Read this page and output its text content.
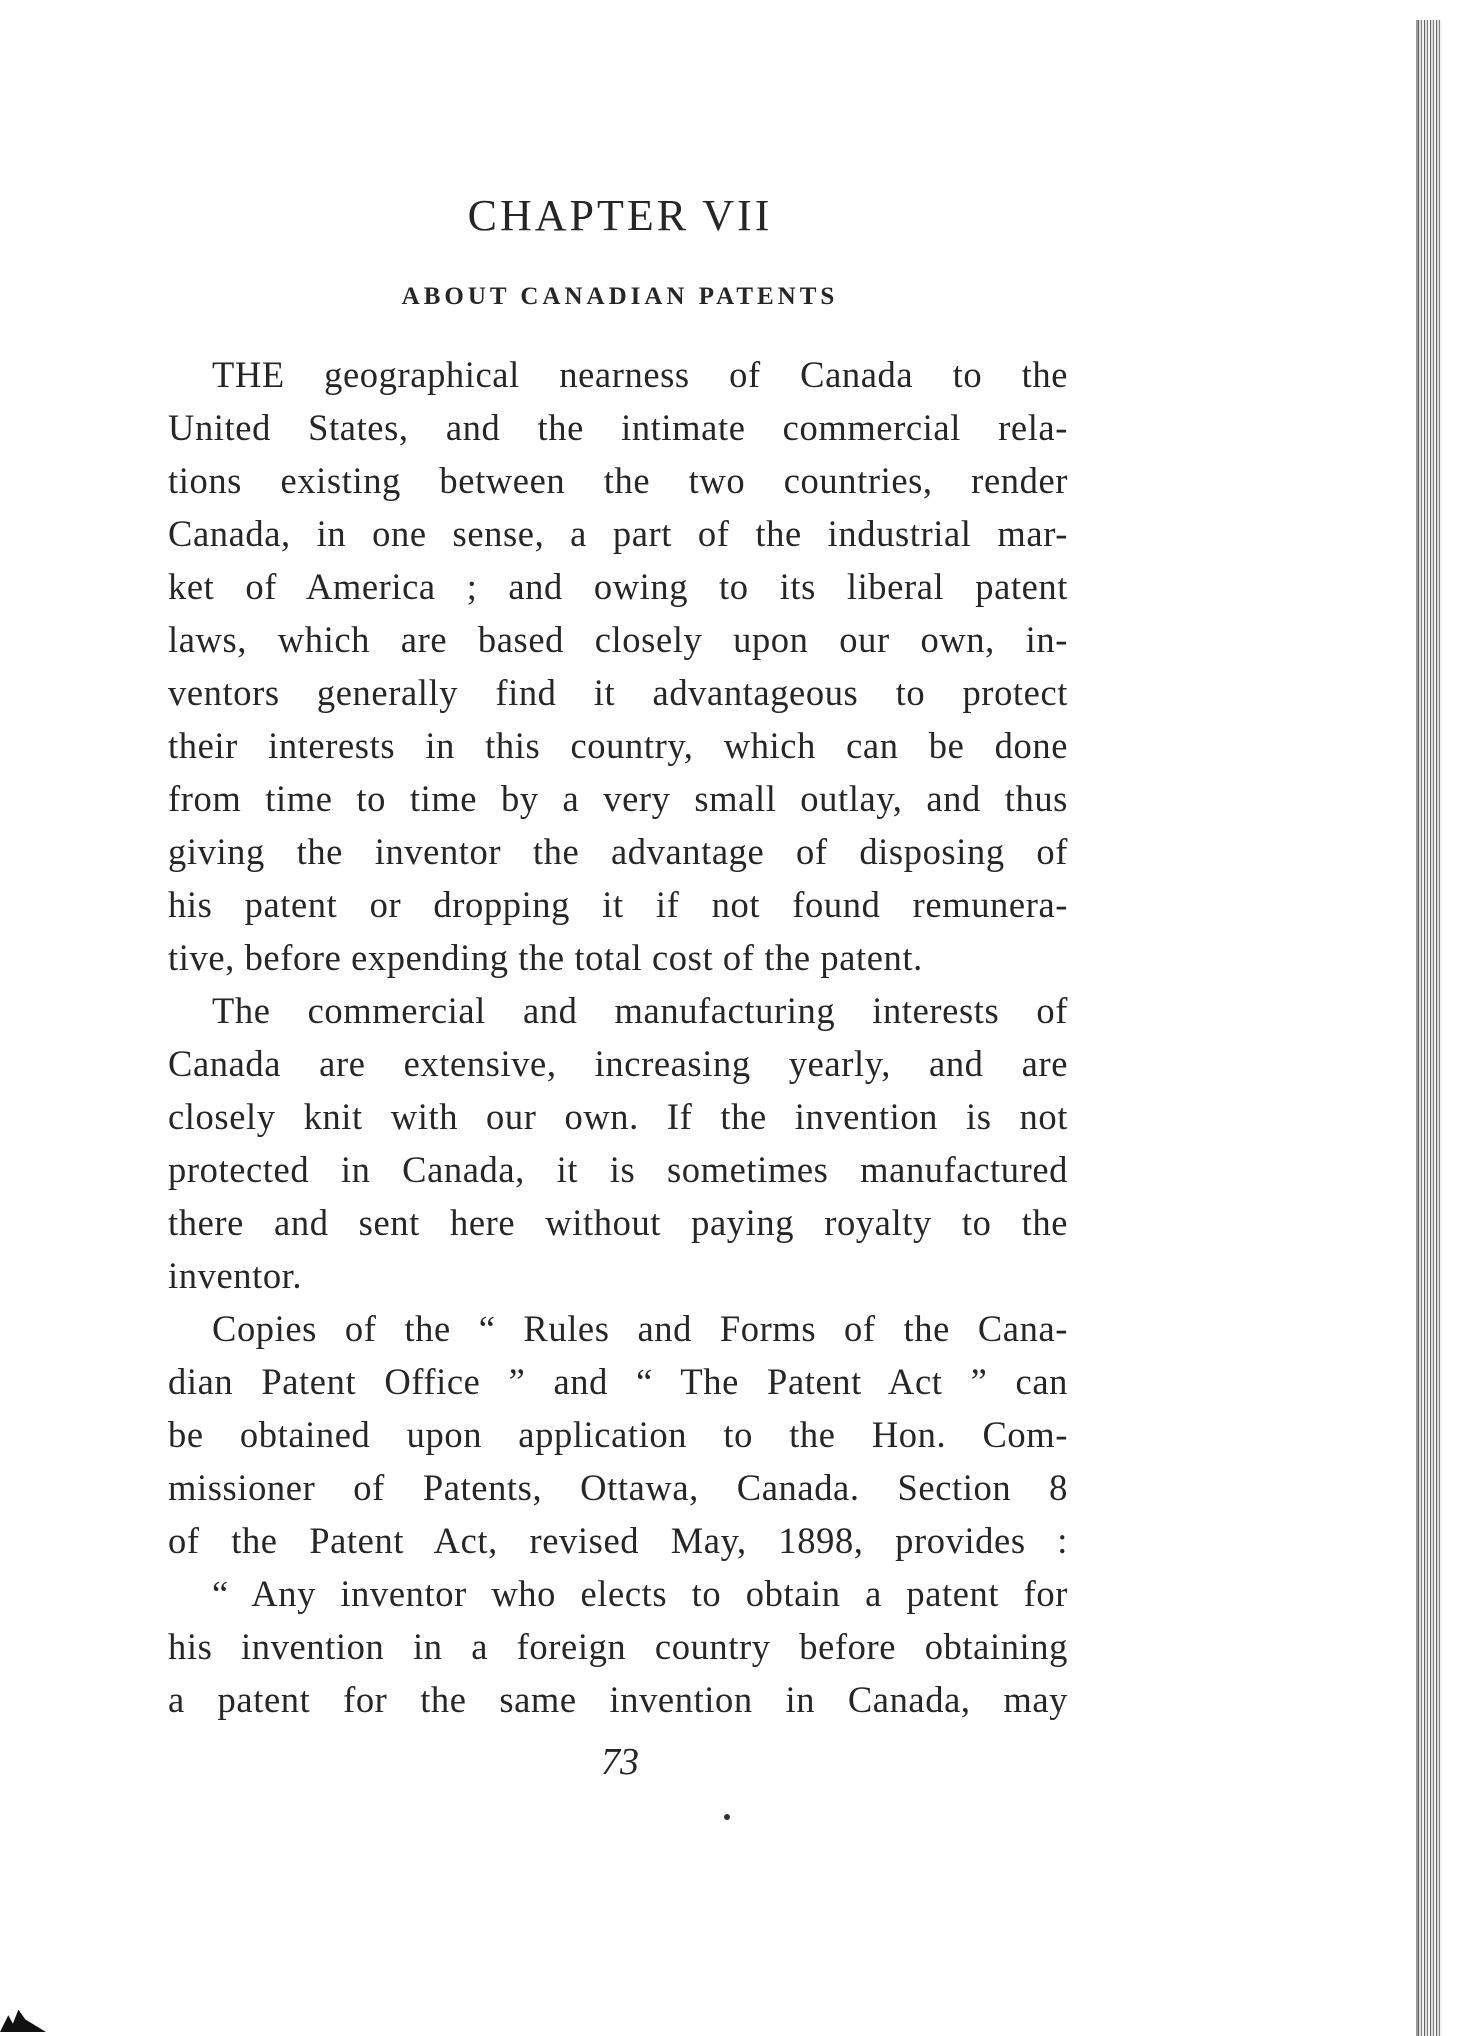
CHAPTER VII
ABOUT CANADIAN PATENTS
THE geographical nearness of Canada to the
United States, and the intimate commercial rela-
tions existing between the two countries, render
Canada, in one sense, a part of the industrial mar-
ket of America ; and owing to its liberal patent
laws, which are based closely upon our own, in-
ventors generally find it advantageous to protect
their interests in this country, which can be done
from time to time by a very small outlay, and thus
giving the inventor the advantage of disposing of
his patent or dropping it if not found remunera-
tive, before expending the total cost of the patent.
The commercial and manufacturing interests of
Canada are extensive, increasing yearly, and are
closely knit with our own. If the invention is not
protected in Canada, it is sometimes manufactured
there and sent here without paying royalty to the
inventor.
Copies of the “ Rules and Forms of the Cana-
dian Patent Office ” and “ The Patent Act ” can
be obtained upon application to the Hon. Com-
missioner of Patents, Ottawa, Canada. Section 8
of the Patent Act, revised May, 1898, provides :
“ Any inventor who elects to obtain a patent for
his invention in a foreign country before obtaining
a patent for the same invention in Canada, may
73
